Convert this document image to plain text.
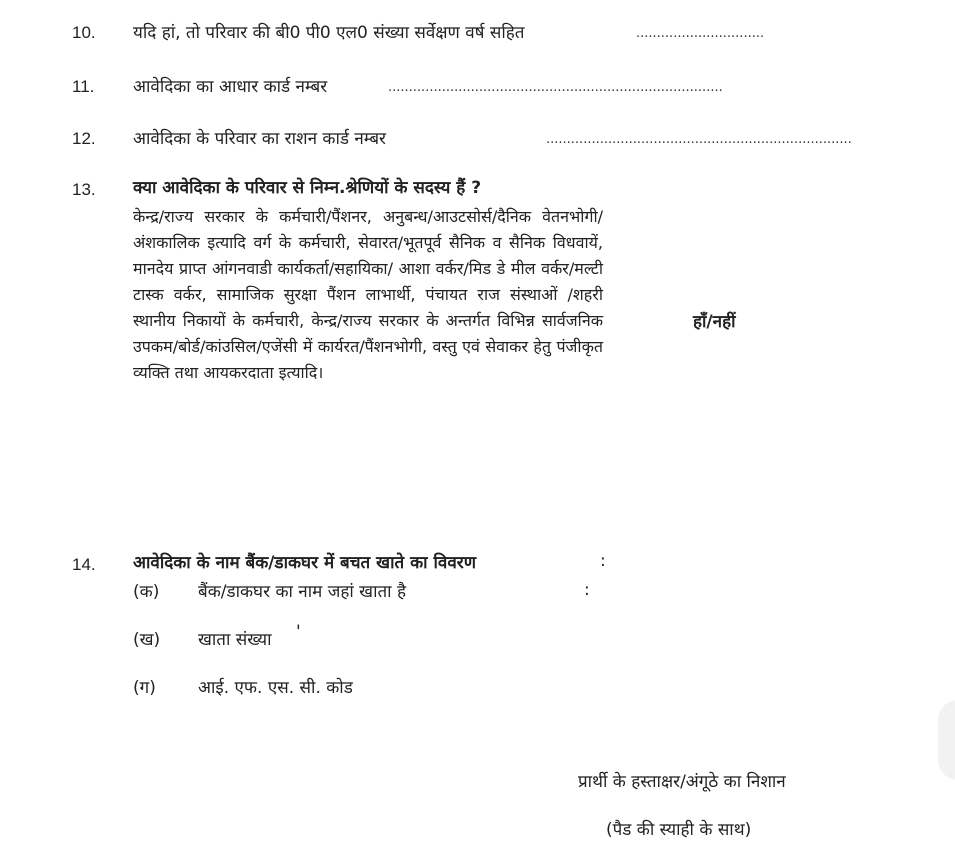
10. यदि हां, तो परिवार की बी0 पी0 एल0 संख्या सर्वेक्षण वर्ष सहित	...............................
11. आवेदिका का आधार कार्ड नम्बर	.................................................................................
12. आवेदिका के परिवार का राशन कार्ड नम्बर	..........................................................................
13. क्या आवेदिका के परिवार से निम्न.श्रेणियों के सदस्य हैं ?
केन्द्र/राज्य सरकार के कर्मचारी/पैंशनर, अनुबन्ध/आउटसोर्स/दैनिक वेतनभोगी/ अंशकालिक इत्यादि वर्ग के कर्मचारी, सेवारत/भूतपूर्व सैनिक व सैनिक विधवायें, मानदेय प्राप्त आंगनवाडी कार्यकर्ता/सहायिका/ आशा वर्कर/मिड डे मील वर्कर/मल्टी टास्क वर्कर, सामाजिक सुरक्षा पैंशन लाभार्थी, पंचायत राज संस्थाओं /शहरी स्थानीय निकायों के कर्मचारी, केन्द्र/राज्य सरकार के अन्तर्गत विभिन्न सार्वजनिक उपकम/बोर्ड/कांउसिल/एजेंसी में कार्यरत/पैंशनभोगी, वस्तु एवं सेवाकर हेतु पंजीकृत व्यक्ति तथा आयकरदाता इत्यादि।
हाँ/नहीं
14. आवेदिका के नाम बैंक/डाकघर में बचत खाते का विवरण	:
(क) बैंक/डाकघर का नाम जहां खाता है	:
(ख) खाता संख्या '
(ग) आई. एफ. एस. सी. कोड
प्रार्थी के हस्ताक्षर/अंगूठे का निशान
(पैड की स्याही के साथ)
